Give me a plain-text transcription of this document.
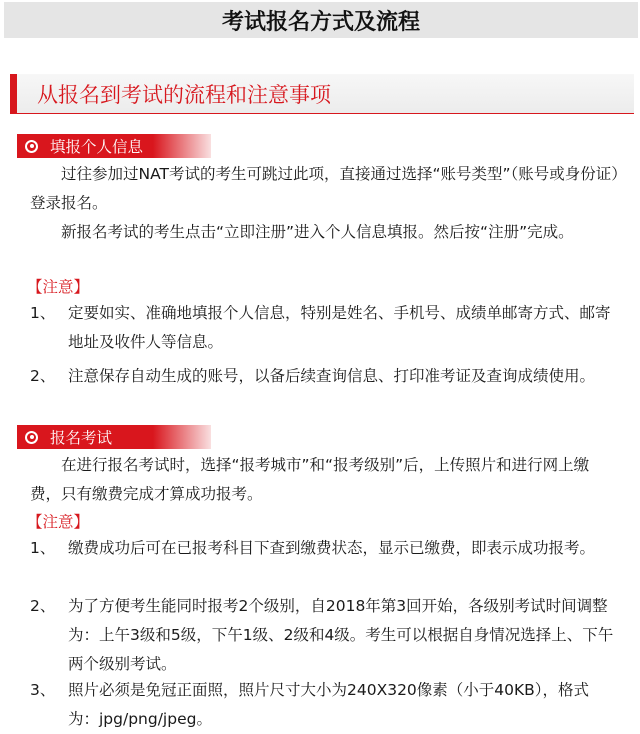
考试报名方式及流程
从报名到考试的流程和注意事项
填报个人信息
过往参加过NAT考试的考生可跳过此项，直接通过选择“账号类型”（账号或身份证）登录报名。
新报名考试的考生点击“立即注册”进入个人信息填报。然后按“注册”完成。
【注意】
1、 定要如实、准确地填报个人信息，特别是姓名、手机号、成绩单邮寄方式、邮寄地址及收件人等信息。
2、 注意保存自动生成的账号，以备后续查询信息、打印准考证及查询成绩使用。
报名考试
在进行报名考试时，选择“报考城市”和“报考级别”后，上传照片和进行网上缴费，只有缴费完成才算成功报考。
【注意】
1、 缴费成功后可在已报考科目下查到缴费状态，显示已缴费，即表示成功报考。
2、 为了方便考生能同时报考2个级别，自2018年第3回开始，各级别考试时间调整为：上午3级和5级，下午1级、2级和4级。考生可以根据自身情况选择上、下午两个级别考试。
3、 照片必须是免冠正面照，照片尺寸大小为240X320像素（小于40KB），格式为：jpg/png/jpeg。
